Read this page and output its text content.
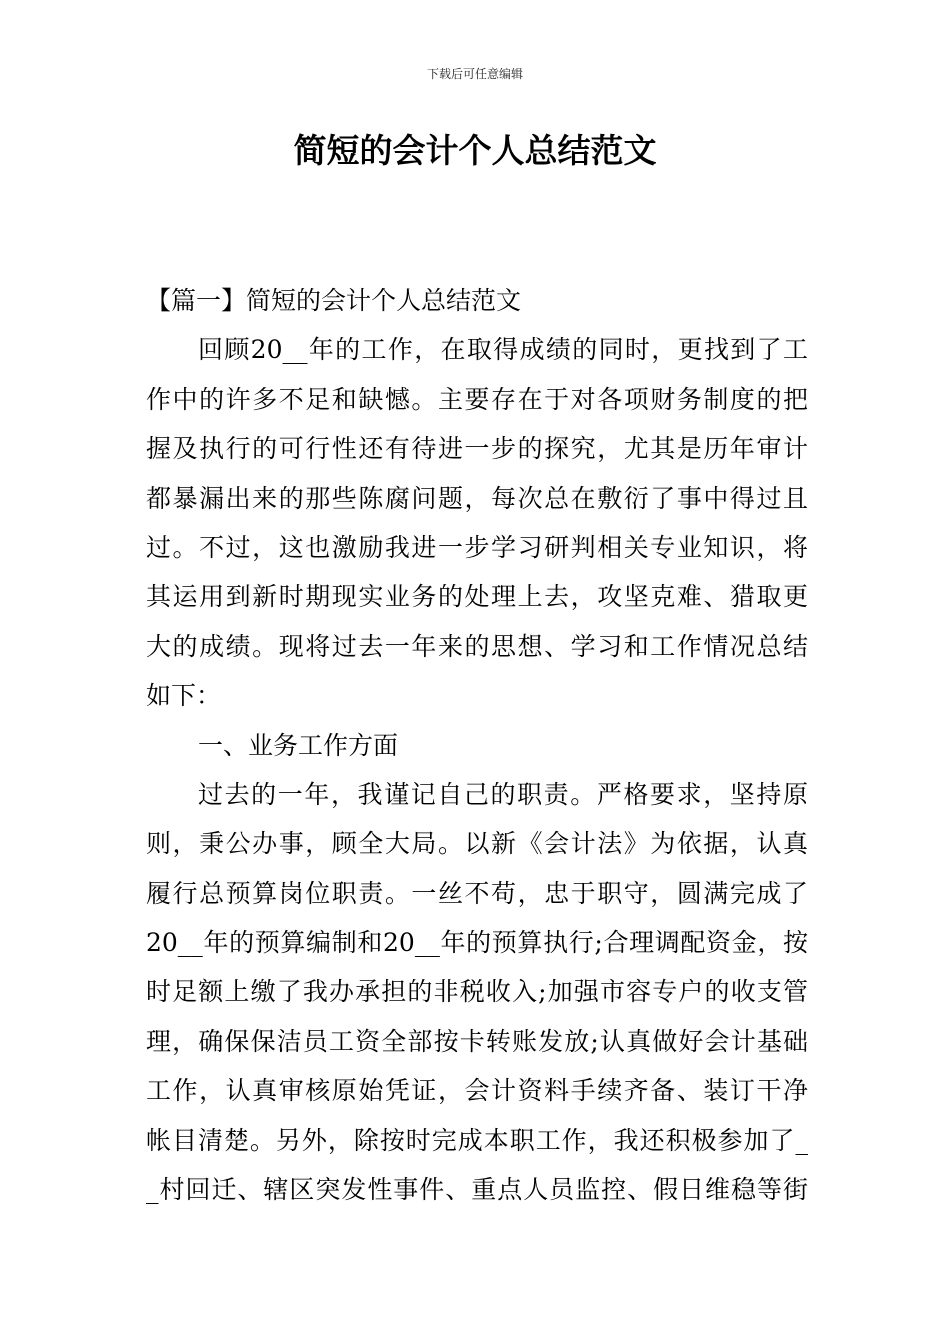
下载后可任意编辑
简短的会计个人总结范文
【篇一】简短的会计个人总结范文
回顾20__年的工作，在取得成绩的同时，更找到了工
作中的许多不足和缺憾。主要存在于对各项财务制度的把
握及执行的可行性还有待进一步的探究，尤其是历年审计
都暴漏出来的那些陈腐问题，每次总在敷衍了事中得过且
过。不过，这也激励我进一步学习研判相关专业知识，将
其运用到新时期现实业务的处理上去，攻坚克难、猎取更
大的成绩。现将过去一年来的思想、学习和工作情况总结
如下：
一、业务工作方面
过去的一年，我谨记自己的职责。严格要求，坚持原
则，秉公办事，顾全大局。以新《会计法》为依据，认真
履行总预算岗位职责。一丝不苟，忠于职守，圆满完成了
20__年的预算编制和20__年的预算执行;合理调配资金，按
时足额上缴了我办承担的非税收入;加强市容专户的收支管
理，确保保洁员工资全部按卡转账发放;认真做好会计基础
工作，认真审核原始凭证，会计资料手续齐备、装订干净
帐目清楚。另外，除按时完成本职工作，我还积极参加了_
_村回迁、辖区突发性事件、重点人员监控、假日维稳等街
